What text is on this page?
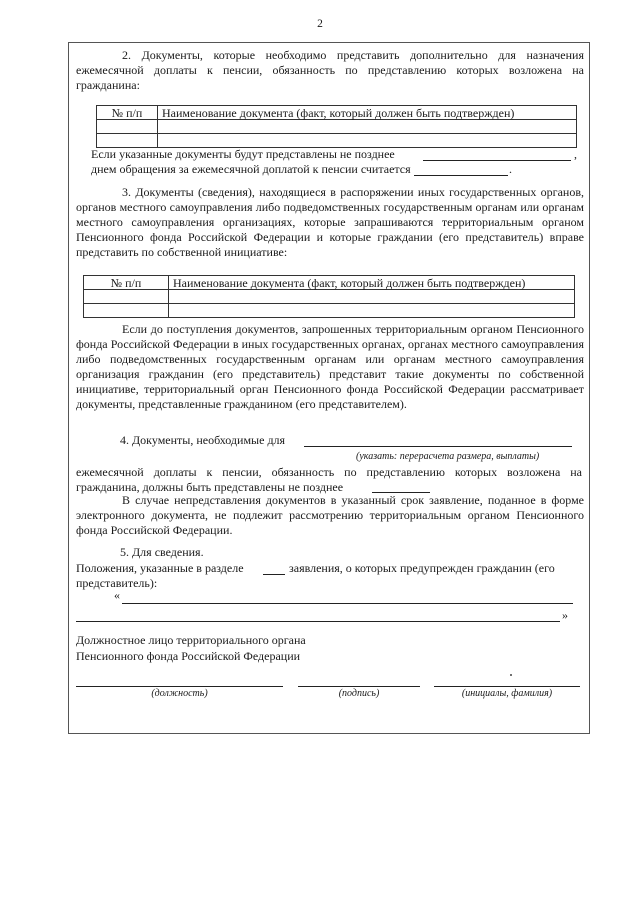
2
2. Документы, которые необходимо представить дополнительно для назначения ежемесячной доплаты к пенсии, обязанность по представлению которых возложена на гражданина:
№ п/п	Наименование документа (факт, который должен быть подтвержден)

Если указанные документы будут представлены не позднее	,
днем обращения за ежемесячной доплатой к пенсии считается	.
3. Документы (сведения), находящиеся в распоряжении иных государственных органов, органов местного самоуправления либо подведомственных государственным органам или органам местного самоуправления организациях, которые запрашиваются территориальным органом Пенсионного фонда Российской Федерации и которые граждании (его представитель) вправе представить по собственной инициативе:
№ п/п	Наименование документа (факт, который должен быть подтвержден)

Если до поступления документов, запрошенных территориальным органом Пенсионного фонда Российской Федерации в иных государственных органах, органах местного самоуправления либо подведомственных государственным органам или органам местного самоуправления организация гражданин (его представитель) представит такие документы по собственной инициативе, территориальный орган Пенсионного фонда Российской Федерации рассматривает документы, представленные гражданином (его представителем).
4. Документы, необходимые для
(указать: перерасчета размера, выплаты)
ежемесячной доплаты к пенсии, обязанность по представлению которых возложена на гражданина, должны быть представлены не позднее
В случае непредставления документов в указанный срок заявление, поданное в форме электронного документа, не подлежит рассмотрению территориальным органом Пенсионного фонда Российской Федерации.
5. Для сведения.
Положения, указанные в разделе	заявления, о которых предупрежден гражданин (его
представитель):
«
»
Должностное лицо территориального органа
Пенсионного фонда Российской Федерации
(должность)	(подпись)	(инициалы, фамилия)
